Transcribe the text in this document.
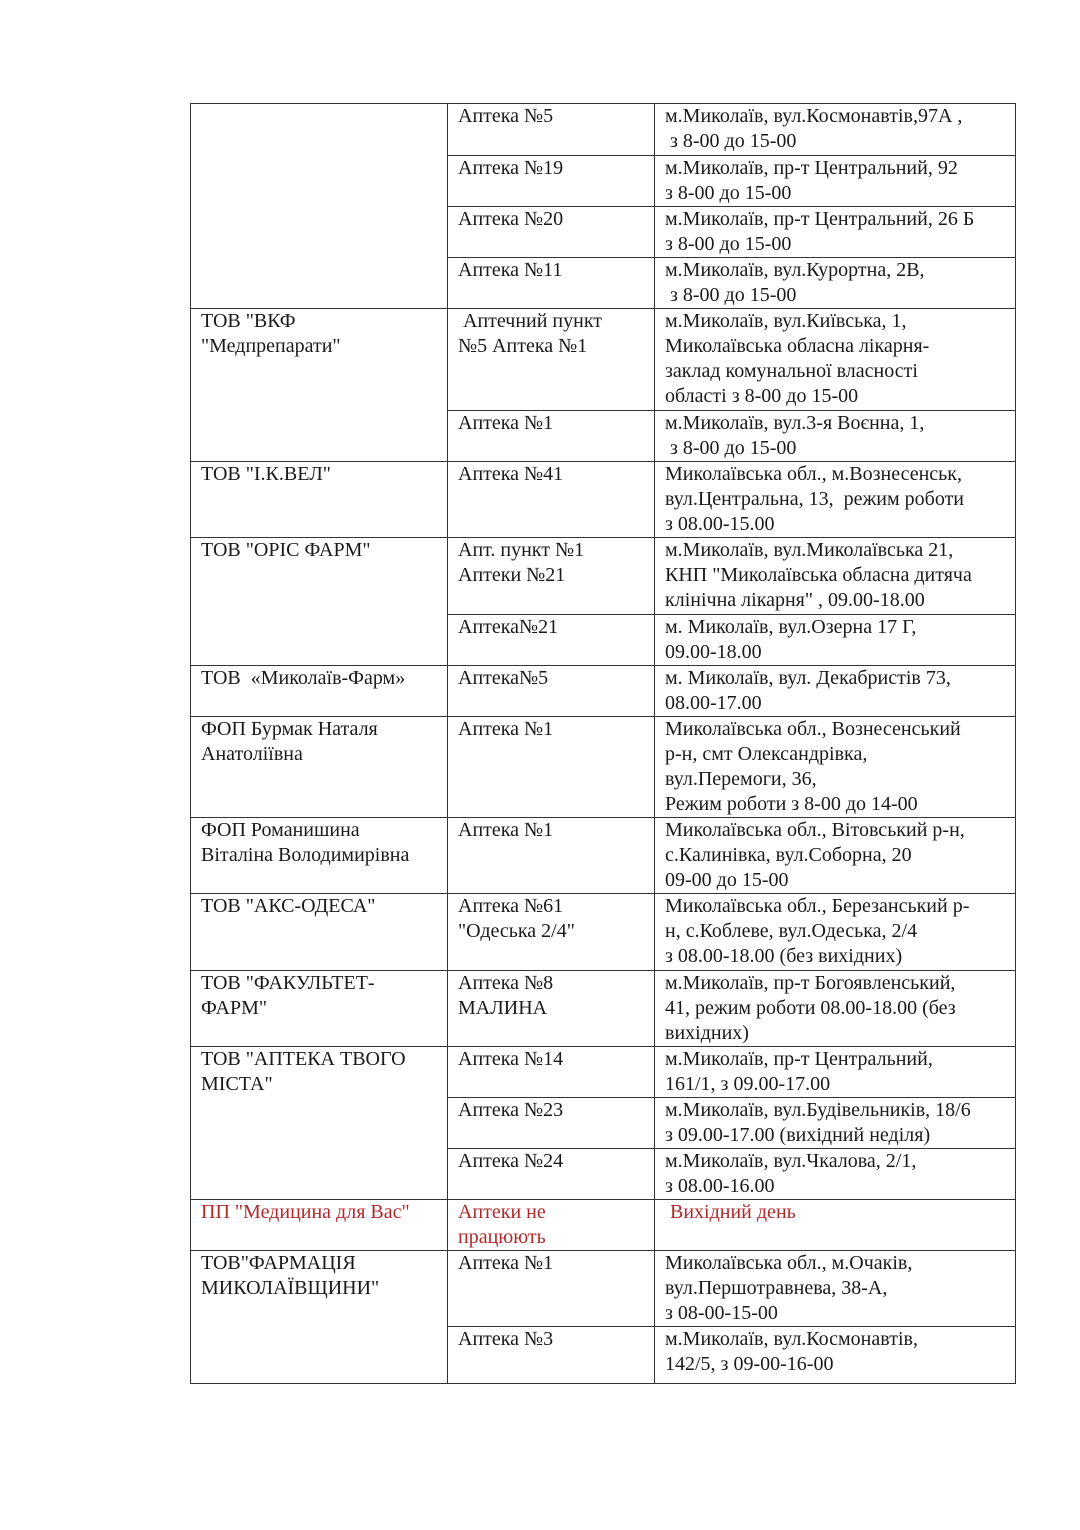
	Аптека №5	м.Миколаїв, вул.Космонавтів,97А ,
з 8-00 до 15-00

	Аптека №19	м.Миколаїв, пр-т Центральний, 92
з 8-00 до 15-00

	Аптека №20	м.Миколаїв, пр-т Центральний, 26 Б
з 8-00 до 15-00

	Аптека №11	м.Миколаїв, вул.Курортна, 2В,
з 8-00 до 15-00

ТОВ "ВКФ
"Медпрепарати"	Аптечний пункт
№5 Аптека №1	м.Миколаїв, вул.Київська, 1,
Миколаївська обласна лікарня-
заклад комунальної власності
області з 8-00 до 15-00

	Аптека №1	м.Миколаїв, вул.3-я Воєнна, 1,
з 8-00 до 15-00

ТОВ "І.К.ВЕЛ"	Аптека №41	Миколаївська обл., м.Вознесенськ,
вул.Центральна, 13,  режим роботи
з 08.00-15.00

ТОВ "ОРІС ФАРМ"	Апт. пункт №1
Аптеки №21	м.Миколаїв, вул.Миколаївська 21,
КНП "Миколаївська обласна дитяча
клінічна лікарня" , 09.00-18.00

	Аптека№21	м. Миколаїв, вул.Озерна 17 Г,
09.00-18.00

ТОВ  «Миколаїв-Фарм»	Аптека№5	м. Миколаїв, вул. Декабристів 73,
08.00-17.00

ФОП Бурмак Наталя
Анатоліївна	Аптека №1	Миколаївська обл., Вознесенський
р-н, смт Олександрівка,
вул.Перемоги, 36,
Режим роботи з 8-00 до 14-00

ФОП Романишина
Віталіна Володимирівна	Аптека №1	Миколаївська обл., Вітовський р-н,
с.Калинівка, вул.Соборна, 20
09-00 до 15-00

ТОВ "АКС-ОДЕСА"	Аптека №61
"Одеська 2/4"	Миколаївська обл., Березанський р-
н, с.Коблеве, вул.Одеська, 2/4
з 08.00-18.00 (без вихідних)

ТОВ "ФАКУЛЬТЕТ-
ФАРМ"	Аптека №8
МАЛИНА	м.Миколаїв, пр-т Богоявленський,
41, режим роботи 08.00-18.00 (без
вихідних)

ТОВ "АПТЕКА ТВОГО
МІСТА"	Аптека №14	м.Миколаїв, пр-т Центральний,
161/1, з 09.00-17.00

	Аптека №23	м.Миколаїв, вул.Будівельників, 18/6
з 09.00-17.00 (вихідний неділя)

	Аптека №24	м.Миколаїв, вул.Чкалова, 2/1,
з 08.00-16.00

ПП "Медицина для Вас"	Аптеки не
працюють	Вихідний день

ТОВ"ФАРМАЦІЯ
МИКОЛАЇВЩИНИ"	Аптека №1	Миколаївська обл., м.Очаків,
вул.Першотравнева, 38-А,
з 08-00-15-00

	Аптека №3	м.Миколаїв, вул.Космонавтів,
142/5, з 09-00-16-00
